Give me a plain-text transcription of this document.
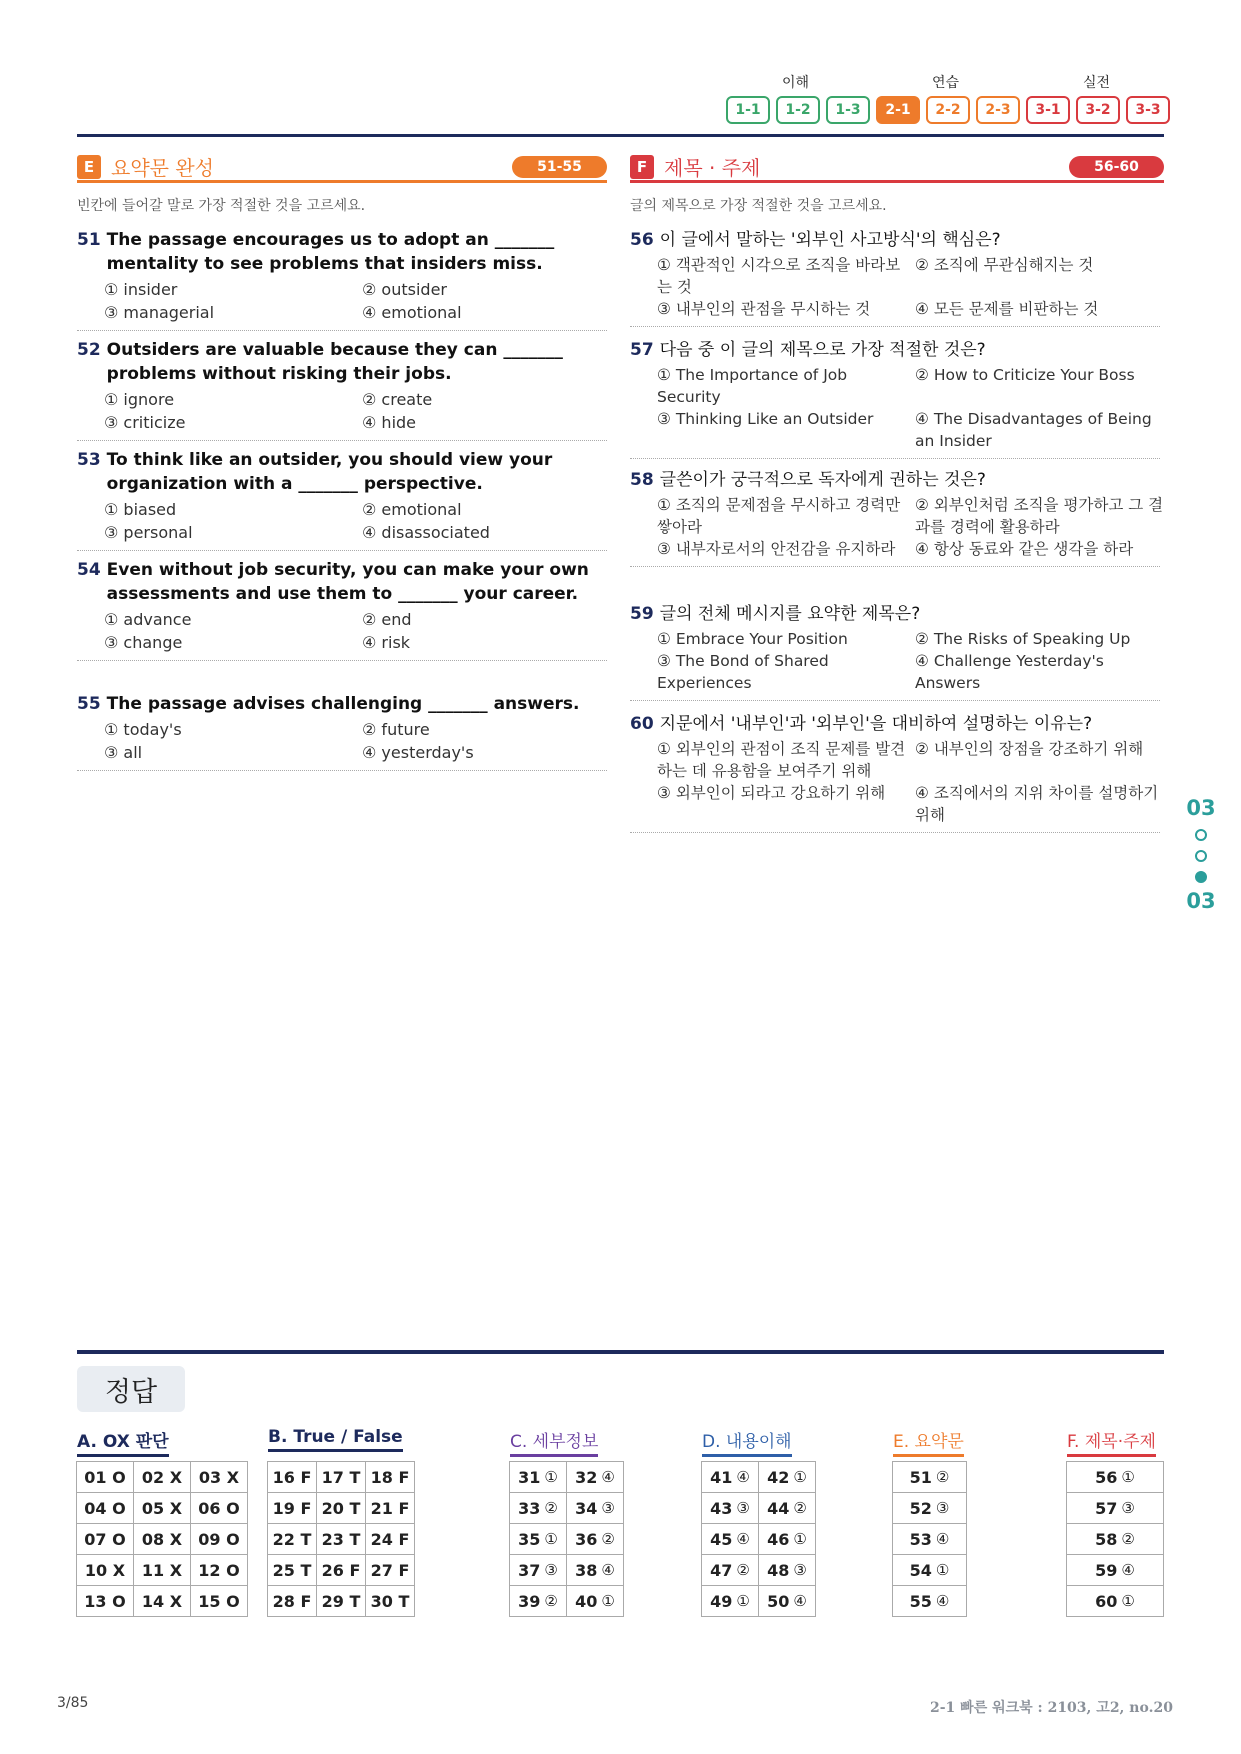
이해	연습	실전
1-1	1-2	1-3	2-1	2-2	2-3	3-1	3-2	3-3
E 요약문 완성	51-55
빈칸에 들어갈 말로 가장 적절한 것을 고르세요.
51 The passage encourages us to adopt an _______ mentality to see problems that insiders miss.
① insider	② outsider
③ managerial	④ emotional
52 Outsiders are valuable because they can _______ problems without risking their jobs.
① ignore	② create
③ criticize	④ hide
53 To think like an outsider, you should view your organization with a _______ perspective.
① biased	② emotional
③ personal	④ disassociated
54 Even without job security, you can make your own assessments and use them to _______ your career.
① advance	② end
③ change	④ risk
55 The passage advises challenging _______ answers.
① today's	② future
③ all	④ yesterday's
F 제목 · 주제	56-60
글의 제목으로 가장 적절한 것을 고르세요.
56 이 글에서 말하는 '외부인 사고방식'의 핵심은?
① 객관적인 시각으로 조직을 바라보는 것
② 조직에 무관심해지는 것
③ 내부인의 관점을 무시하는 것	④ 모든 문제를 비판하는 것
57 다음 중 이 글의 제목으로 가장 적절한 것은?
① The Importance of Job Security
② How to Criticize Your Boss
③ Thinking Like an Outsider	④ The Disadvantages of Being an Insider
58 글쓴이가 궁극적으로 독자에게 권하는 것은?
① 조직의 문제점을 무시하고 경력만 쌓아라
② 외부인처럼 조직을 평가하고 그 결과를 경력에 활용하라
③ 내부자로서의 안전감을 유지하라	④ 항상 동료와 같은 생각을 하라
59 글의 전체 메시지를 요약한 제목은?
① Embrace Your Position	② The Risks of Speaking Up
③ The Bond of Shared Experiences
④ Challenge Yesterday's Answers
60 지문에서 '내부인'과 '외부인'을 대비하여 설명하는 이유는?
① 외부인의 관점이 조직 문제를 발견하는 데 유용함을 보여주기 위해
② 내부인의 장점을 강조하기 위해
③ 외부인이 되라고 강요하기 위해	④ 조직에서의 지위 차이를 설명하기 위해	03
03
정답
A. OX 판단
01 O	02 X	03 X
04 O	05 X	06 O
07 O	08 X	09 O
10 X	11 X	12 O
13 O	14 X	15 O
B. True / False
16 F 17 T 18 F
19 F 20 T 21 F
22 T 23 T 24 F
25 T 26 F 27 F
28 F 29 T 30 T
C. 세부정보
31 ① 32 ④
33 ② 34 ③
35 ① 36 ②
37 ③ 38 ④
39 ② 40 ①
D. 내용이해
41 ④ 42 ①
43 ③ 44 ②
45 ④ 46 ①
47 ② 48 ③
49 ① 50 ④
E. 요약문
51 ②
52 ③
53 ④
54 ①
55 ④
F. 제목·주제
56 ①
57 ③
58 ②
59 ④
60 ①
3/85	2-1 빠른 워크북 : 2103, 고2, no.20
